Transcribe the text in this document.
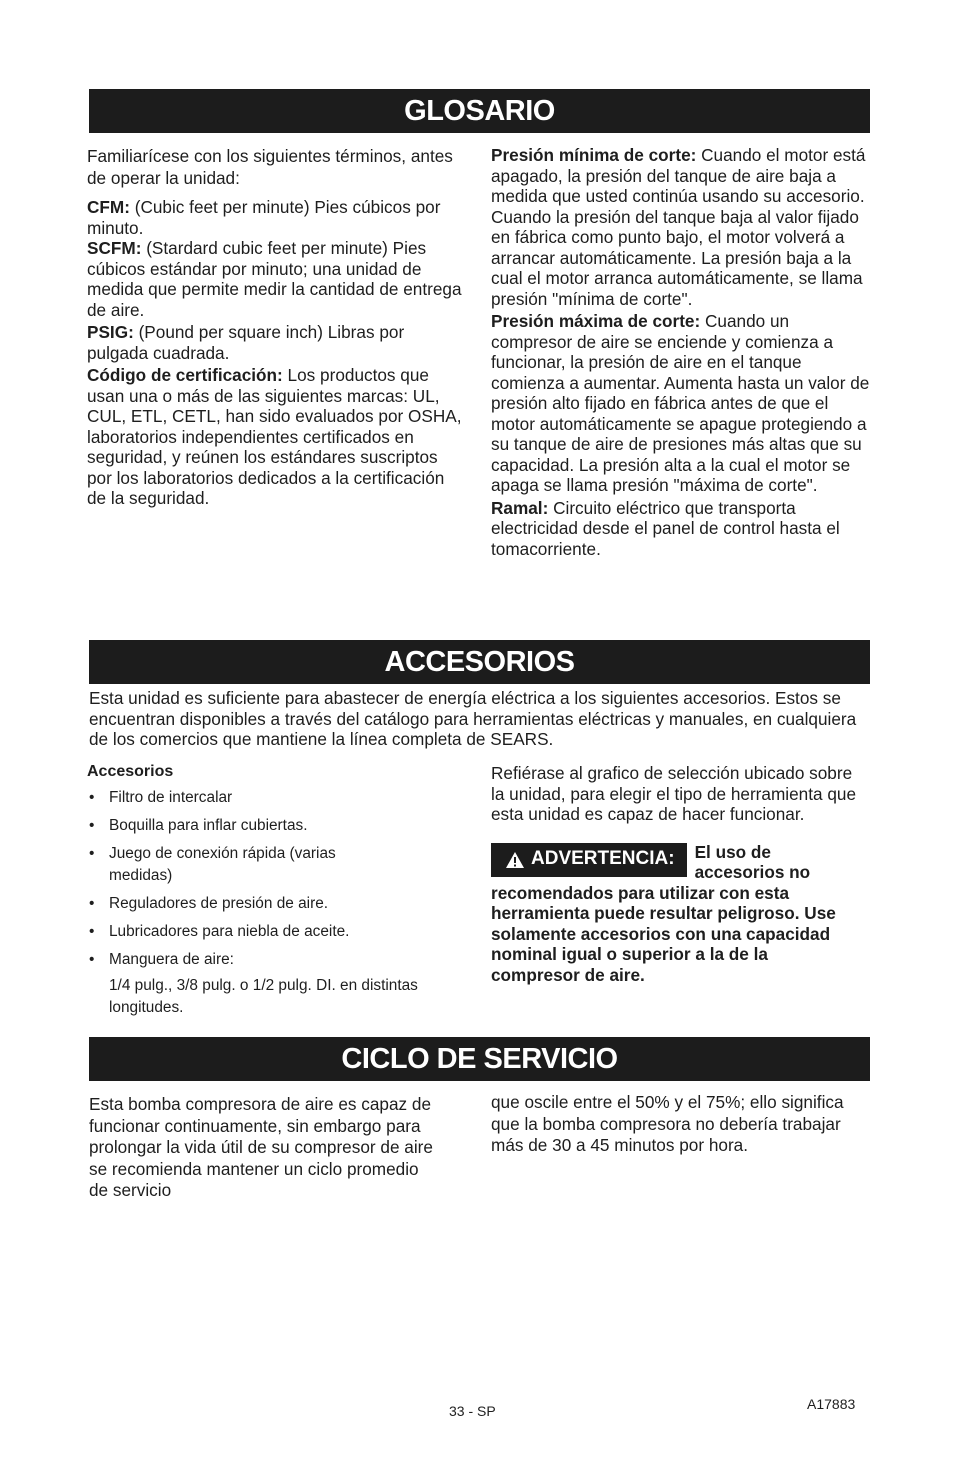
GLOSARIO

Familiarícese con los siguientes términos, antes de operar la unidad:

CFM: (Cubic feet per minute) Pies cúbicos por minuto.

SCFM: (Stardard cubic feet per minute) Pies cúbicos estándar por minuto; una unidad de medida que permite medir la cantidad de entrega de aire.

PSIG: (Pound per square inch) Libras por pulgada cuadrada.

Código de certificación: Los productos que usan una o más de las siguientes marcas: UL, CUL, ETL, CETL, han sido evaluados por OSHA, laboratorios independientes certificados en seguridad, y reúnen los estándares suscriptos por los laboratorios dedicados a la certificación de la seguridad.

Presión mínima de corte: Cuando el motor está apagado, la presión del tanque de aire baja a medida que usted continúa usando su accesorio. Cuando la presión del tanque baja al valor fijado en fábrica como punto bajo, el motor volverá a arrancar automáticamente. La presión baja a la cual el motor arranca automáticamente, se llama presión "mínima de corte".

Presión máxima de corte: Cuando un compresor de aire se enciende y comienza a funcionar, la presión de aire en el tanque comienza a aumentar. Aumenta hasta un valor de presión alto fijado en fábrica antes de que el motor automáticamente se apague protegiendo a su tanque de aire de presiones más altas que su capacidad. La presión alta a la cual el motor se apaga se llama presión "máxima de corte".

Ramal: Circuito eléctrico que transporta electricidad desde el panel de control hasta el tomacorriente.

ACCESORIOS

Esta unidad es suficiente para abastecer de energía eléctrica a los siguientes accesorios. Estos se encuentran disponibles a través del catálogo para herramientas eléctricas y manuales, en cualquiera de los comercios que mantiene la línea completa de SEARS.

Accesorios

• Filtro de intercalar
• Boquilla para inflar cubiertas.
• Juego de conexión rápida (varias medidas)
• Reguladores de presión de aire.
• Lubricadores para niebla de aceite.
• Manguera de aire:

1/4 pulg., 3/8 pulg. o 1/2 pulg. DI. en distintas longitudes.

Refiérase al grafico de selección ubicado sobre la unidad, para elegir el tipo de herramienta que esta unidad es capaz de hacer funcionar.

ADVERTENCIA: El uso de accesorios no recomendados para utilizar con esta herramienta puede resultar peligroso. Use solamente accesorios con una capacidad nominal igual o superior a la de la compresor de aire.
CICLO DE SERVICIO

Esta bomba compresora de aire es capaz de funcionar continuamente, sin embargo para prolongar la vida útil de su compresor de aire se recomienda mantener un ciclo promedio de servicio

que oscile entre el 50% y el 75%; ello significa que la bomba compresora no debería trabajar más de 30 a 45 minutos por hora.

33 - SP	A17883
